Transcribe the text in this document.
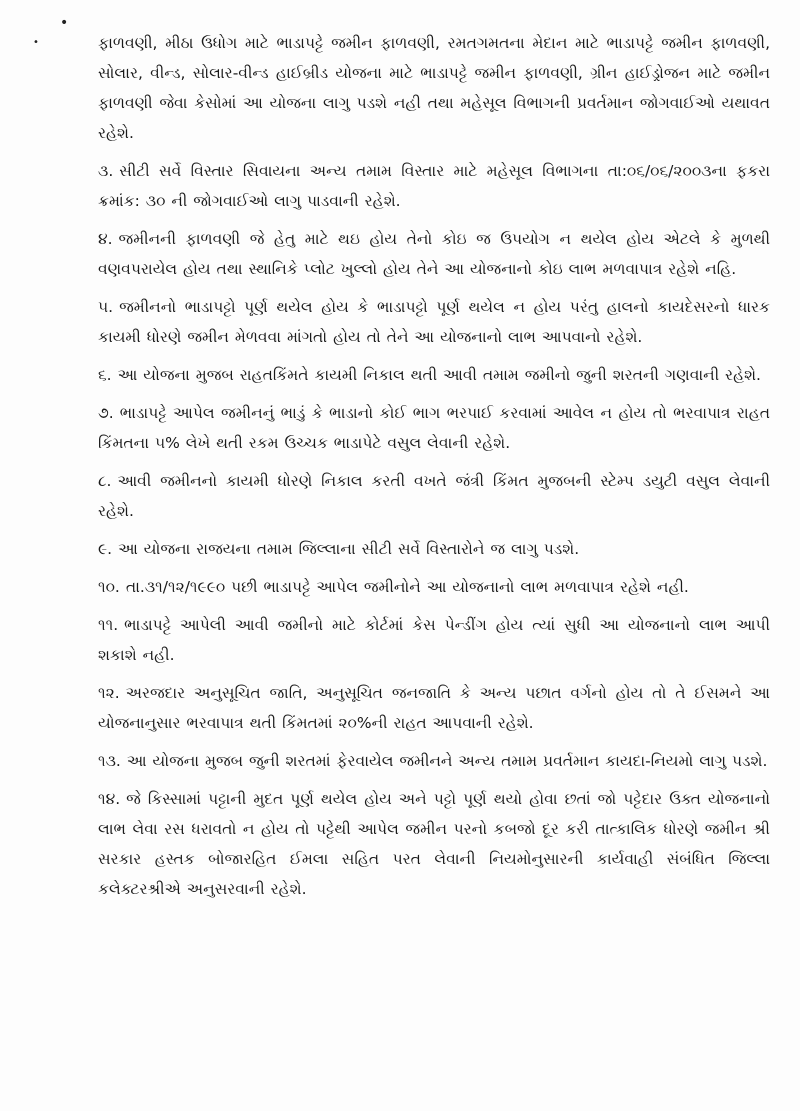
•
•	ફાળવણી, મીઠા ઉધોગ માટે ભાડાપટ્ટે જમીન ફાળવણી, રમતગમતના મેદાન માટે ભાડાપટ્ટે જમીન ફાળવણી, સોલાર, વીન્ડ, સોલાર-વીન્ડ હાઈબ્રીડ યોજના માટે ભાડાપટ્ટે જમીન ફાળવણી, ગ્રીન હાઈડ્રોજન માટે જમીન ફાળવણી જેવા કેસોમાં આ યોજના લાગુ પડશે નહી તથા મહેસૂલ વિભાગની પ્રવર્તમાન જોગવાઈઓ યથાવત રહેશે.

૩. સીટી સર્વે વિસ્તાર સિવાયના અન્ય તમામ વિસ્તાર માટે મહેસૂલ વિભાગના તા:૦૬/૦૬/૨૦૦૩ના ફકરા ક્રમાંક: ૩૦ ની જોગવાઈઓ લાગુ પાડવાની રહેશે.

૪. જમીનની ફાળવણી જે હેતુ માટે થઇ હોય તેનો કોઇ જ ઉપયોગ ન થયેલ હોય એટલે કે મુળથી વણવપરાયેલ હોય તથા સ્થાનિકે પ્લોટ ખુલ્લો હોય તેને આ યોજનાનો કોઇ લાભ મળવાપાત્ર રહેશે નહિ.

૫. જમીનનો ભાડાપટ્ટો પૂર્ણ થયેલ હોય કે ભાડાપટ્ટો પૂર્ણ થયેલ ન હોય પરંતુ હાલનો કાયદેસરનો ધારક કાયમી ધોરણે જમીન મેળવવા માંગતો હોય તો તેને આ યોજનાનો લાભ આપવાનો રહેશે.

૬. આ યોજના મુજબ રાહતકિંમતે કાયમી નિકાલ થતી આવી તમામ જમીનો જુની શરતની ગણવાની રહેશે.

૭. ભાડાપટ્ટે આપેલ જમીનનું ભાડું કે ભાડાનો કોઈ ભાગ ભરપાઈ કરવામાં આવેલ ન હોય તો ભરવાપાત્ર રાહત કિંમતના ૫% લેખે થતી રકમ ઉચ્ચક ભાડાપેટે વસુલ લેવાની રહેશે.

૮. આવી જમીનનો કાયમી ધોરણે નિકાલ કરતી વખતે જંત્રી કિંમત મુજબની સ્ટેમ્પ ડયુટી વસુલ લેવાની રહેશે.

૯. આ યોજના રાજયના તમામ જિલ્લાના સીટી સર્વે વિસ્તારોને જ લાગુ પડશે.

૧૦. તા.૩૧/૧૨/૧૯૯૦ પછી ભાડાપટ્ટે આપેલ જમીનોને આ યોજનાનો લાભ મળવાપાત્ર રહેશે નહી.

૧૧. ભાડાપટ્ટે આપેલી આવી જમીનો માટે કોર્ટમાં કેસ પેન્ડીંગ હોય ત્યાં સુધી આ યોજનાનો લાભ આપી શકાશે નહી.

૧૨. અરજદાર અનુસૂચિત જાતિ, અનુસૂચિત જનજાતિ કે અન્ય પછાત વર્ગનો હોય તો તે ઈસમને આ યોજનાનુસાર ભરવાપાત્ર થતી કિંમતમાં ૨૦%ની રાહત આપવાની રહેશે.

૧૩. આ યોજના મુજબ જુની શરતમાં ફેરવાયેલ જમીનને અન્ય તમામ પ્રવર્તમાન કાયદા-નિયમો લાગુ પડશે.

૧૪. જે કિસ્સામાં પટ્ટાની મુદત પૂર્ણ થયેલ હોય અને પટ્ટો પૂર્ણ થયો હોવા છતાં જો પટ્ટેદાર ઉક્ત યોજનાનો લાભ લેવા રસ ધરાવતો ન હોય તો પટ્ટેથી આપેલ જમીન પરનો કબજો દૂર કરી તાત્કાલિક ધોરણે જમીન શ્રી સરકાર હસ્તક બોજારહિત ઈમલા સહિત પરત લેવાની નિયમોનુસારની કાર્યવાહી સંબંધિત જિલ્લા કલેક્ટરશ્રીએ અનુસરવાની રહેશે.
